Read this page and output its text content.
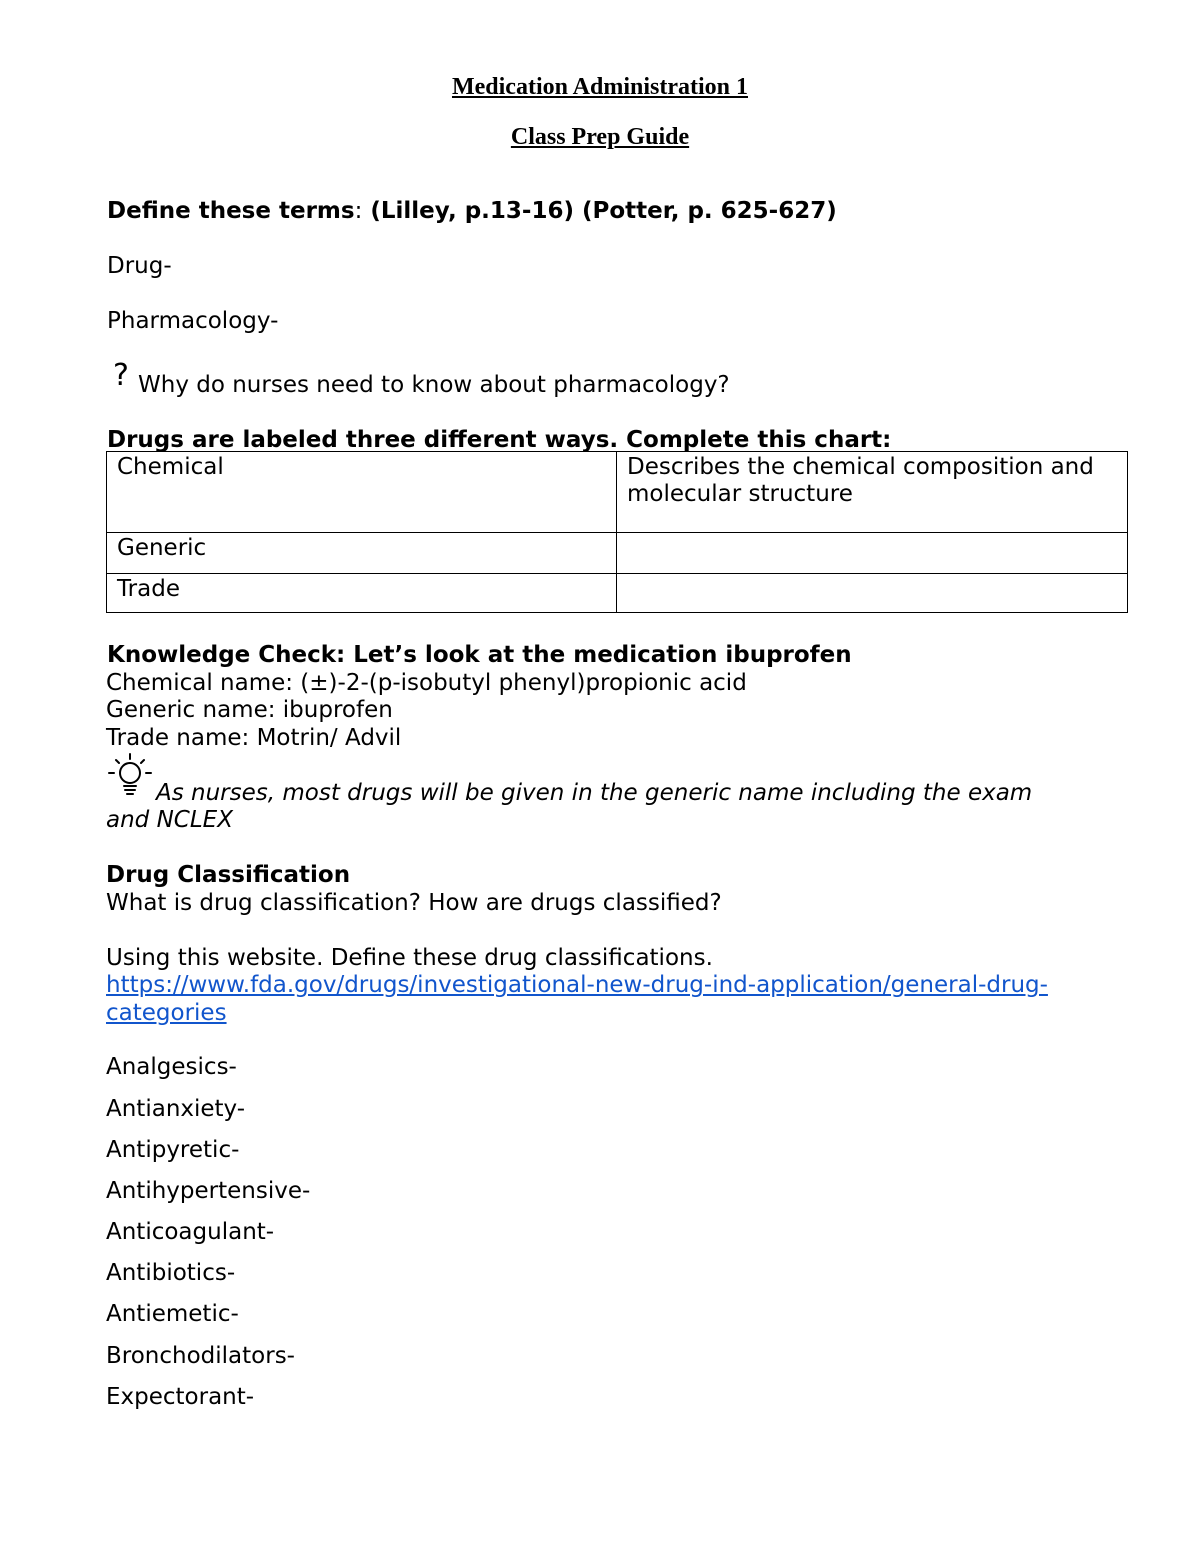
Medication Administration 1
Class Prep Guide
Define these terms: (Lilley, p.13-16) (Potter, p. 625-627)
Drug-
Pharmacology-
? Why do nurses need to know about pharmacology?
Drugs are labeled three different ways. Complete this chart:
Chemical	Describes the chemical composition and molecular structure
Generic	
Trade	
Knowledge Check: Let’s look at the medication ibuprofen
Chemical name: (±)-2-(p-isobutyl phenyl)propionic acid
Generic name: ibuprofen
Trade name: Motrin/ Advil
As nurses, most drugs will be given in the generic name including the exam
and NCLEX
Drug Classification
What is drug classification? How are drugs classified?
Using this website. Define these drug classifications.
https://www.fda.gov/drugs/investigational-new-drug-ind-application/general-drug-
categories
Analgesics-
Antianxiety-
Antipyretic-
Antihypertensive-
Anticoagulant-
Antibiotics-
Antiemetic-
Bronchodilators-
Expectorant-
